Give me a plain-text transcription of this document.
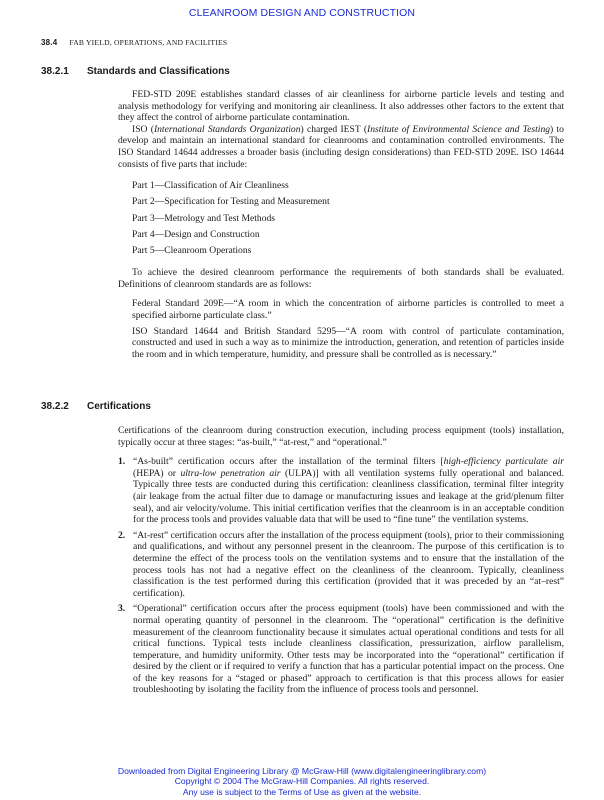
CLEANROOM DESIGN AND CONSTRUCTION
38.4 FAB YIELD, OPERATIONS, AND FACILITIES
38.2.1 Standards and Classifications

FED-STD 209E establishes standard classes of air cleanliness for airborne particle levels and testing and analysis methodology for verifying and monitoring air cleanliness. It also addresses other factors to the extent that they affect the control of airborne particulate contamination.

ISO (International Standards Organization) charged IEST (Institute of Environmental Science and Testing) to develop and maintain an international standard for cleanrooms and contamination controlled environments. The ISO Standard 14644 addresses a broader basis (including design considerations) than FED-STD 209E. ISO 14644 consists of five parts that include:

Part 1—Classification of Air Cleanliness
Part 2—Specification for Testing and Measurement
Part 3—Metrology and Test Methods
Part 4—Design and Construction
Part 5—Cleanroom Operations

To achieve the desired cleanroom performance the requirements of both standards shall be evaluated. Definitions of cleanroom standards are as follows:

Federal Standard 209E—“A room in which the concentration of airborne particles is controlled to meet a specified airborne particulate class.”

ISO Standard 14644 and British Standard 5295—“A room with control of particulate contamination, constructed and used in such a way as to minimize the introduction, generation, and retention of particles inside the room and in which temperature, humidity, and pressure shall be controlled as is necessary.”

38.2.2 Certifications

Certifications of the cleanroom during construction execution, including process equipment (tools) installation, typically occur at three stages: “as-built,” “at-rest,” and “operational.”

1. “As-built” certification occurs after the installation of the terminal filters [high-efficiency particulate air (HEPA) or ultra-low penetration air (ULPA)] with all ventilation systems fully operational and balanced. Typically three tests are conducted during this certification: cleanliness classification, terminal filter integrity (air leakage from the actual filter due to damage or manufacturing issues and leakage at the grid/plenum filter seal), and air velocity/volume. This initial certification verifies that the cleanroom is in an acceptable condition for the process tools and provides valuable data that will be used to “fine tune” the ventilation systems.
2. “At-rest” certification occurs after the installation of the process equipment (tools), prior to their commissioning and qualifications, and without any personnel present in the cleanroom. The purpose of this certification is to determine the effect of the process tools on the ventilation systems and to ensure that the installation of the process tools has not had a negative effect on the cleanliness of the cleanroom. Typically, cleanliness classification is the test performed during this certification (provided that it was preceded by an “at–rest” certification).
3. “Operational” certification occurs after the process equipment (tools) have been commissioned and with the normal operating quantity of personnel in the cleanroom. The “operational” certification is the definitive measurement of the cleanroom functionality because it simulates actual operational conditions and tests for all critical functions. Typical tests include cleanliness classification, pressurization, airflow parallelism, temperature, and humidity uniformity. Other tests may be incorporated into the “operational” certification if desired by the client or if required to verify a function that has a particular potential impact on the process. One of the key reasons for a “staged or phased” approach to certification is that this process allows for easier troubleshooting by isolating the facility from the influence of process tools and personnel.
Downloaded from Digital Engineering Library @ McGraw-Hill (www.digitalengineeringlibrary.com)
Copyright © 2004 The McGraw-Hill Companies. All rights reserved.
Any use is subject to the Terms of Use as given at the website.
